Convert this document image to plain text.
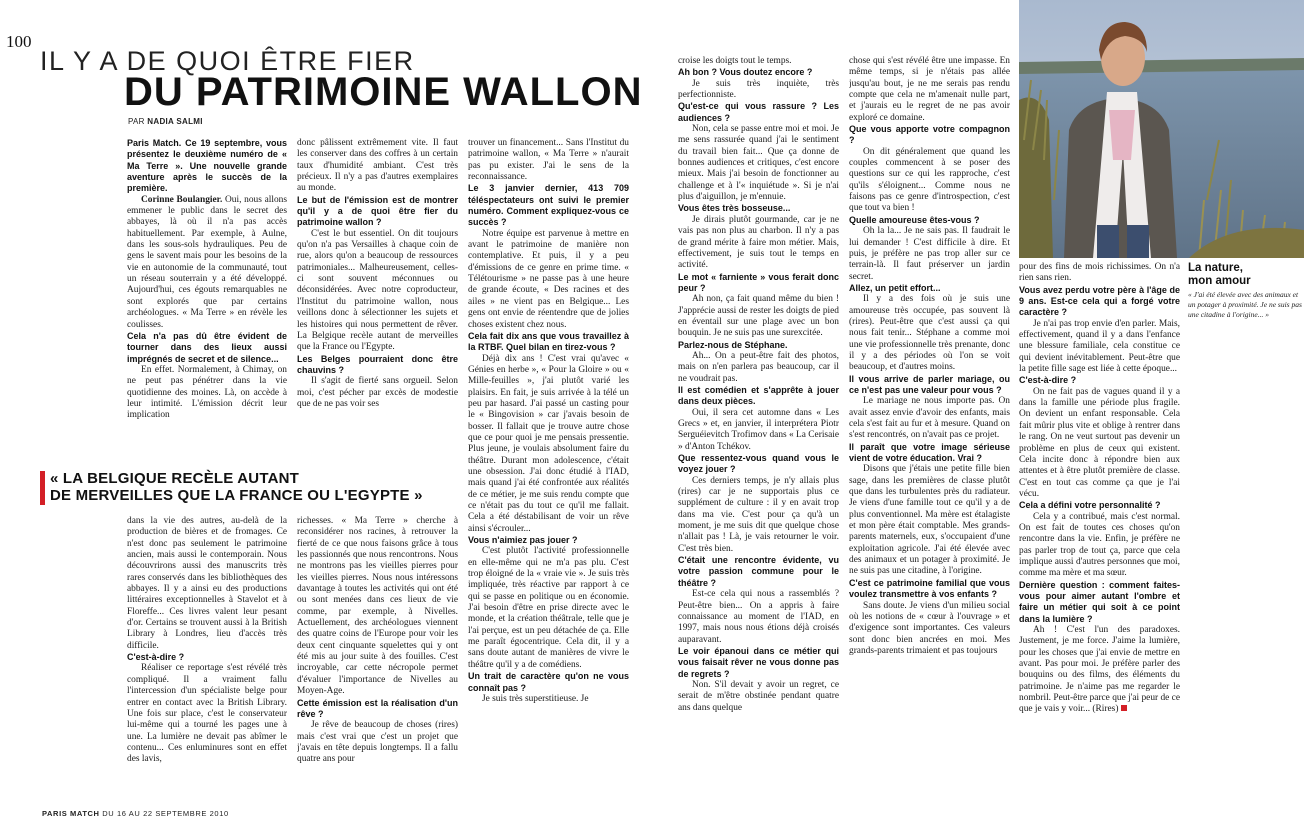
100
IL Y A DE QUOI ÊTRE FIER
DU PATRIMOINE WALLON
PAR NADIA SALMI

Paris Match. Ce 19 septembre, vous présentez le deuxième numéro de « Ma Terre ». Une nouvelle grande aventure après le succès de la première.

Corinne Boulangier. Oui, nous allons emmener le public dans le secret des abbayes, là où il n'a pas accès habituellement. Par exemple, à Aulne, dans les sous-sols hydrauliques. Peu de gens le savent mais pour les besoins de la vie en autonomie de la communauté, tout un réseau souterrain y a été développé. Aujourd'hui, ces égouts remarquables ne sont explorés que par certains archéologues. « Ma Terre » en révèle les coulisses.

Cela n'a pas dû être évident de tourner dans des lieux aussi imprégnés de secret et de silence...

En effet. Normalement, à Chimay, on ne peut pas pénétrer dans la vie quotidienne des moines. Là, on accède à leur intimité. L'émission décrit leur implication

donc pâlissent extrêmement vite. Il faut les conserver dans des coffres à un certain taux d'humidité ambiant. C'est très précieux. Il n'y a pas d'autres exemplaires au monde.

Le but de l'émission est de montrer qu'il y a de quoi être fier du patrimoine wallon ?

C'est le but essentiel. On dit toujours qu'on n'a pas Versailles à chaque coin de rue, alors qu'on a beaucoup de ressources patrimoniales... Malheureusement, celles-ci sont souvent méconnues ou déconsidérées. Avec notre coproducteur, l'Institut du patrimoine wallon, nous veillons donc à sélectionner les sujets et les histoires qui nous permettent de rêver. La Belgique recèle autant de merveilles que la France ou l'Egypte.

Les Belges pourraient donc être chauvins ?

Il s'agit de fierté sans orgueil. Selon moi, c'est pécher par excès de modestie que de ne pas voir ses

trouver un financement... Sans l'Institut du patrimoine wallon, « Ma Terre » n'aurait pas pu exister. J'ai le sens de la reconnaissance.

Le 3 janvier dernier, 413 709 téléspectateurs ont suivi le premier numéro. Comment expliquez-vous ce succès ?

Notre équipe est parvenue à mettre en avant le patrimoine de manière non contemplative. Et puis, il y a peu d'émissions de ce genre en prime time. « Télétourisme » ne passe pas à une heure de grande écoute, « Des racines et des ailes » ne vient pas en Belgique... Les gens ont envie de réentendre que de jolies choses existent chez nous.

Cela fait dix ans que vous travaillez à la RTBF. Quel bilan en tirez-vous ?

Déjà dix ans ! C'est vrai qu'avec « Génies en herbe », « Pour la Gloire » ou « Mille-feuilles », j'ai plutôt varié les plaisirs. En fait, je suis arrivée à la télé un peu par hasard. J'ai passé un casting pour le « Bingovision » car j'avais besoin de bosser. Il fallait que je trouve autre chose que ce pour quoi je me pensais pressentie. Plus jeune, je voulais absolument faire du théâtre. Durant mon adolescence, c'était une obsession. J'ai donc étudié à l'IAD, mais quand j'ai été confrontée aux réalités de ce métier, je me suis rendu compte que ce n'était pas du tout ce qu'il me fallait. Cela a été déstabilisant de voir un rêve ainsi s'écrouler...

Vous n'aimiez pas jouer ?

C'est plutôt l'activité professionnelle en elle-même qui ne m'a pas plu. C'est trop éloigné de la « vraie vie ». Je suis très impliquée, très réactive par rapport à ce qui se passe en politique ou en économie. J'ai besoin d'être en prise directe avec le monde, et la création théâtrale, telle que je l'ai perçue, est un peu détachée de ça. Elle me paraît égocentrique. Cela dit, il y a sans doute autant de manières de vivre le théâtre qu'il y a de comédiens.

Un trait de caractère qu'on ne vous connaît pas ?

Je suis très superstitieuse. Je

« LA BELGIQUE RECÈLE AUTANT
DE MERVEILLES QUE LA FRANCE OU L'EGYPTE »

dans la vie des autres, au-delà de la production de bières et de fromages. Ce n'est donc pas seulement le patrimoine ancien, mais aussi le contemporain. Nous découvrirons aussi des manuscrits très rares conservés dans les bibliothèques des abbayes. Il y a ainsi eu des productions littéraires exceptionnelles à Stavelot et à Floreffe... Ces livres valent leur pesant d'or. Certains se trouvent aussi à la British Library à Londres, lieu d'accès très difficile.

C'est-à-dire ?

Réaliser ce reportage s'est révélé très compliqué. Il a vraiment fallu l'intercession d'un spécialiste belge pour entrer en contact avec la British Library. Une fois sur place, c'est le conservateur lui-même qui a tourné les pages une à une. La lumière ne devait pas abîmer le contenu... Ces enluminures sont en effet des lavis,

richesses. « Ma Terre » cherche à reconsidérer nos racines, à retrouver la fierté de ce que nous faisons grâce à tous les passionnés que nous rencontrons. Nous ne montrons pas les vieilles pierres pour les vieilles pierres. Nous nous intéressons davantage à toutes les activités qui ont été ou sont menées dans ces lieux de vie comme, par exemple, à Nivelles. Actuellement, des archéologues viennent des quatre coins de l'Europe pour voir les deux cent cinquante squelettes qui y ont été mis au jour suite à des fouilles. C'est incroyable, car cette nécropole permet d'évaluer l'importance de Nivelles au Moyen-Age.

Cette émission est la réalisation d'un rêve ?

Je rêve de beaucoup de choses (rires) mais c'est vrai que c'est un projet que j'avais en tête depuis longtemps. Il a fallu quatre ans pour

croise les doigts tout le temps.

Ah bon ? Vous doutez encore ?

Je suis très inquiète, très perfectionniste.

Qu'est-ce qui vous rassure ? Les audiences ?

Non, cela se passe entre moi et moi. Je me sens rassurée quand j'ai le sentiment du travail bien fait... Que ça donne de bonnes audiences et critiques, c'est encore mieux. Mais j'ai besoin de fonctionner au challenge et à l'« inquiétude ». Si je n'ai plus d'aiguillon, je m'ennuie.

Vous êtes très bosseuse...

Je dirais plutôt gourmande, car je ne vais pas non plus au charbon. Il n'y a pas de grand mérite à faire mon métier. Mais, effectivement, je suis tout le temps en activité.

Le mot « farniente » vous ferait donc peur ?

Ah non, ça fait quand même du bien ! J'apprécie aussi de rester les doigts de pied en éventail sur une plage avec un bon bouquin. Je ne suis pas une surexcitée.

Parlez-nous de Stéphane.

Ah... On a peut-être fait des photos, mais on n'en parlera pas beaucoup, car il ne voudrait pas.

Il est comédien et s'apprête à jouer dans deux pièces.

Oui, il sera cet automne dans « Les Grecs » et, en janvier, il interprétera Piotr Serguéievitch Trofimov dans « La Cerisaie » d'Anton Tchékov.

Que ressentez-vous quand vous le voyez jouer ?

Ces derniers temps, je n'y allais plus (rires) car je ne supportais plus ce supplément de culture : il y en avait trop dans ma vie. C'est pour ça qu'à un moment, je me suis dit que quelque chose n'allait pas ! Là, je vais retourner le voir. C'est très bien.

C'était une rencontre évidente, vu votre passion commune pour le théâtre ?

Est-ce cela qui nous a rassemblés ? Peut-être bien... On a appris à faire connaissance au moment de l'IAD, en 1997, mais nous nous étions déjà croisés auparavant.

Le voir épanoui dans ce métier qui vous faisait rêver ne vous donne pas de regrets ?

Non. S'il devait y avoir un regret, ce serait de m'être obstinée pendant quatre ans dans quelque

chose qui s'est révélé être une impasse. En même temps, si je n'étais pas allée jusqu'au bout, je ne me serais pas rendu compte que cela ne m'amenait nulle part, et j'aurais eu le regret de ne pas avoir exploré ce domaine.

Que vous apporte votre compagnon ?

On dit généralement que quand les couples commencent à se poser des questions sur ce qui les rapproche, c'est qu'ils s'éloignent... Comme nous ne faisons pas ce genre d'introspection, c'est que tout va bien !

Quelle amoureuse êtes-vous ?

Oh la la... Je ne sais pas. Il faudrait le lui demander ! C'est difficile à dire. Et puis, je préfère ne pas trop aller sur ce terrain-là. Il faut préserver un jardin secret.

Allez, un petit effort...

Il y a des fois où je suis une amoureuse très occupée, pas souvent là (rires). Peut-être que c'est aussi ça qui nous fait tenir... Stéphane a comme moi une vie professionnelle très prenante, donc il y a des périodes où l'on se voit beaucoup, et d'autres moins.

Il vous arrive de parler mariage, ou ce n'est pas une valeur pour vous ?

Le mariage ne nous importe pas. On avait assez envie d'avoir des enfants, mais cela s'est fait au fur et à mesure. Quand on s'est rencontrés, on n'avait pas ce projet.

Il paraît que votre image sérieuse vient de votre éducation. Vrai ?

Disons que j'étais une petite fille bien sage, dans les premières de classe plutôt que dans les turbulentes près du radiateur. Je viens d'une famille tout ce qu'il y a de plus conventionnel. Ma mère est étalagiste et mon père était comptable. Mes grands-parents maternels, eux, s'occupaient d'une exploitation agricole. J'ai été élevée avec des animaux et un potager à proximité. Je ne suis pas une citadine, à l'origine.

C'est ce patrimoine familial que vous voulez transmettre à vos enfants ?

Sans doute. Je viens d'un milieu social où les notions de « cœur à l'ouvrage » et d'exigence sont importantes. Ces valeurs sont donc bien ancrées en moi. Mes grands-parents trimaient et pas toujours

pour des fins de mois richissimes. On n'a rien sans rien.

Vous avez perdu votre père à l'âge de 9 ans. Est-ce cela qui a forgé votre caractère ?

Je n'ai pas trop envie d'en parler. Mais, effectivement, quand il y a dans l'enfance une blessure familiale, cela constitue ce qui devient inévitablement. Peut-être que la petite fille sage est liée à cette époque...

C'est-à-dire ?

On ne fait pas de vagues quand il y a dans la famille une période plus fragile. On devient un enfant responsable. Cela fait mûrir plus vite et oblige à rentrer dans le rang. On ne veut surtout pas devenir un problème en plus de ceux qui existent. Cela incite donc à répondre bien aux attentes et à être plutôt première de classe. C'est en tout cas comme ça que je l'ai vécu.

Cela a défini votre personnalité ?

Cela y a contribué, mais c'est normal. On est fait de toutes ces choses qu'on rencontre dans la vie. Enfin, je préfère ne pas parler trop de tout ça, parce que cela implique aussi d'autres personnes que moi, comme ma mère et ma sœur.

Dernière question : comment faites-vous pour aimer autant l'ombre et faire un métier qui soit à ce point dans la lumière ?

Ah ! C'est l'un des paradoxes. Justement, je me force. J'aime la lumière, pour les choses que j'ai envie de mettre en avant. Pas pour moi. Je préfère parler des bouquins ou des films, des éléments du patrimoine. Je n'aime pas me regarder le nombril. Peut-être parce que j'ai peur de ce que je vais y voir... (Rires)

La nature,
mon amour
« J'ai été élevée avec des animaux et un potager à proximité. Je ne suis pas une citadine à l'origine... »
PARIS MATCH DU 16 AU 22 SEPTEMBRE 2010
